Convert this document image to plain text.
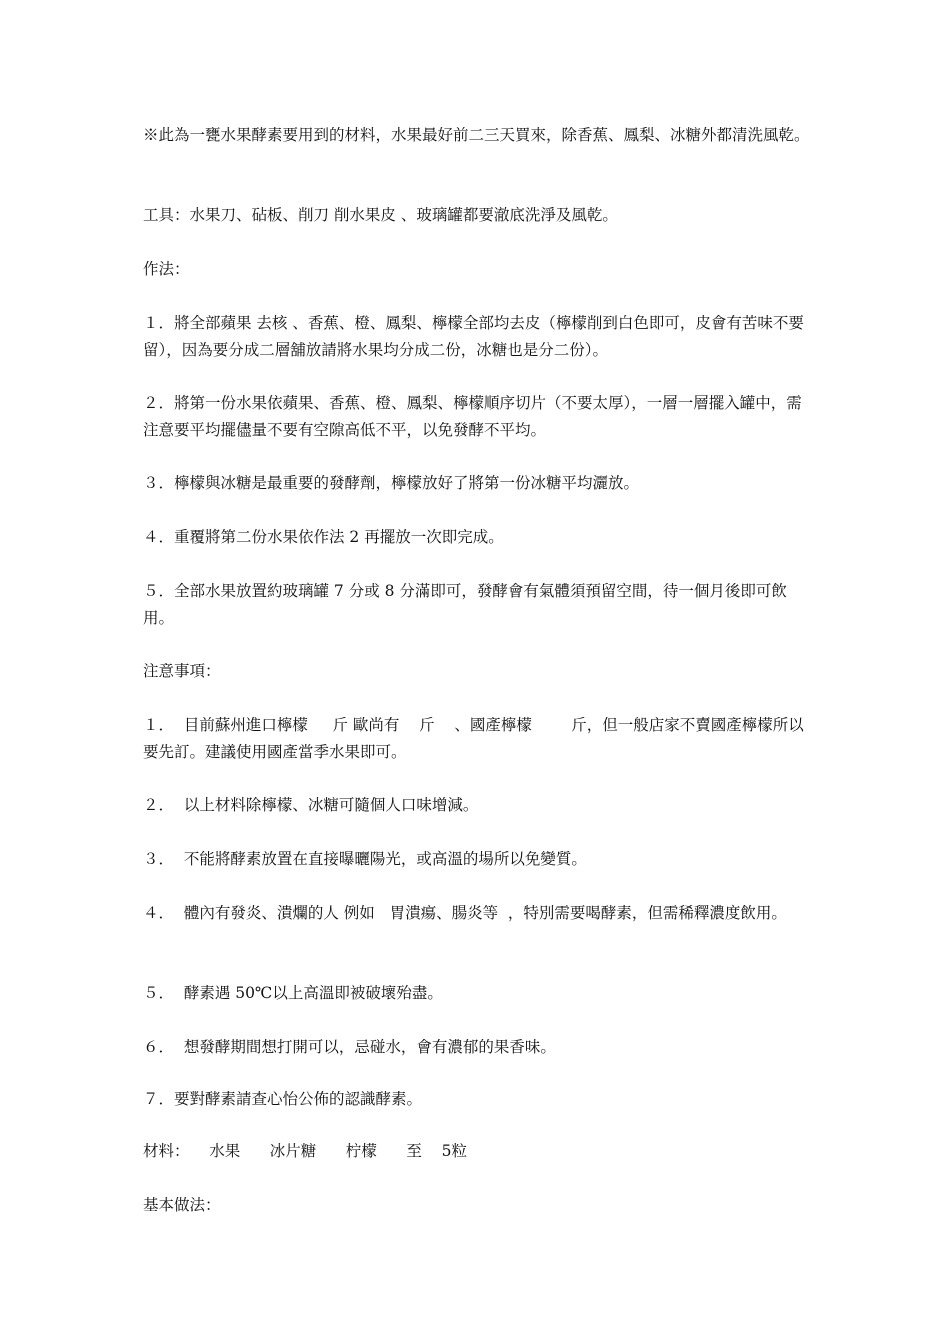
※此為一甕水果酵素要用到的材料，水果最好前二三天買來，除香蕉、鳳梨、冰糖外都清洗風乾。

工具：水果刀、砧板、削刀 削水果皮 、玻璃罐都要澈底洗淨及風乾。

作法：

１．將全部蘋果 去核 、香蕉、橙、鳳梨、檸檬全部均去皮（檸檬削到白色即可，皮會有苦味不要留），因為要分成二層舖放請將水果均分成二份，冰糖也是分二份）。

２．將第一份水果依蘋果、香蕉、橙、鳳梨、檸檬順序切片（不要太厚），一層一層擺入罐中，需注意要平均擺儘量不要有空隙高低不平，以免發酵不平均。

３．檸檬與冰糖是最重要的發酵劑，檸檬放好了將第一份冰糖平均灑放。

４．重覆將第二份水果依作法 2 再擺放一次即完成。

５．全部水果放置約玻璃罐 7 分或 8 分滿即可，發酵會有氣體須預留空間，待一個月後即可飲用。

注意事項：

１．  目前蘇州進口檸檬     斤 歐尚有    斤    、國產檸檬        斤，但一般店家不賣國產檸檬所以要先訂。建議使用國產當季水果即可。

２．  以上材料除檸檬、冰糖可隨個人口味增減。

３．  不能將酵素放置在直接曝曬陽光，或高溫的場所以免變質。

４．  體內有發炎、潰爛的人 例如   胃潰瘍、腸炎等  ，特別需要喝酵素，但需稀釋濃度飲用。

５．  酵素遇 50℃以上高溫即被破壞殆盡。

６．  想發酵期間想打開可以，忌碰水，會有濃郁的果香味。

７．要對酵素請查心怡公佈的認識酵素。

材料：    水果      冰片糖      柠檬      至    5粒

基本做法：
